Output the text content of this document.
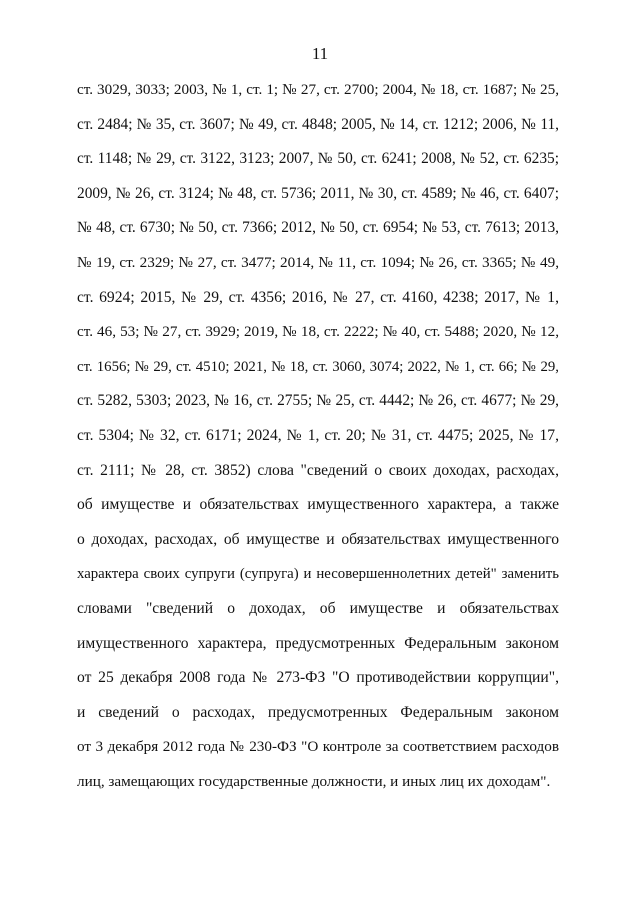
11
ст. 3029, 3033; 2003, № 1, ст. 1; № 27, ст. 2700; 2004, № 18, ст. 1687; № 25,
ст. 2484; № 35, ст. 3607; № 49, ст. 4848; 2005, № 14, ст. 1212; 2006, № 11,
ст. 1148; № 29, ст. 3122, 3123; 2007, № 50, ст. 6241; 2008, № 52, ст. 6235;
2009, № 26, ст. 3124; № 48, ст. 5736; 2011, № 30, ст. 4589; № 46, ст. 6407;
№ 48, ст. 6730; № 50, ст. 7366; 2012, № 50, ст. 6954; № 53, ст. 7613; 2013,
№ 19, ст. 2329; № 27, ст. 3477; 2014, № 11, ст. 1094; № 26, ст. 3365; № 49,
ст. 6924; 2015, № 29, ст. 4356; 2016, № 27, ст. 4160, 4238; 2017, № 1,
ст. 46, 53; № 27, ст. 3929; 2019, № 18, ст. 2222; № 40, ст. 5488; 2020, № 12,
ст. 1656; № 29, ст. 4510; 2021, № 18, ст. 3060, 3074; 2022, № 1, ст. 66; № 29,
ст. 5282, 5303; 2023, № 16, ст. 2755; № 25, ст. 4442; № 26, ст. 4677; № 29,
ст. 5304; № 32, ст. 6171; 2024, № 1, ст. 20; № 31, ст. 4475; 2025, № 17,
ст. 2111; № 28, ст. 3852) слова "сведений о своих доходах, расходах,
об имуществе и обязательствах имущественного характера, а также
о доходах, расходах, об имуществе и обязательствах имущественного
характера своих супруги (супруга) и несовершеннолетних детей" заменить
словами "сведений о доходах, об имуществе и обязательствах
имущественного характера, предусмотренных Федеральным законом
от 25 декабря 2008 года № 273-ФЗ "О противодействии коррупции",
и сведений о расходах, предусмотренных Федеральным законом
от 3 декабря 2012 года № 230-ФЗ "О контроле за соответствием расходов
лиц, замещающих государственные должности, и иных лиц их доходам".
